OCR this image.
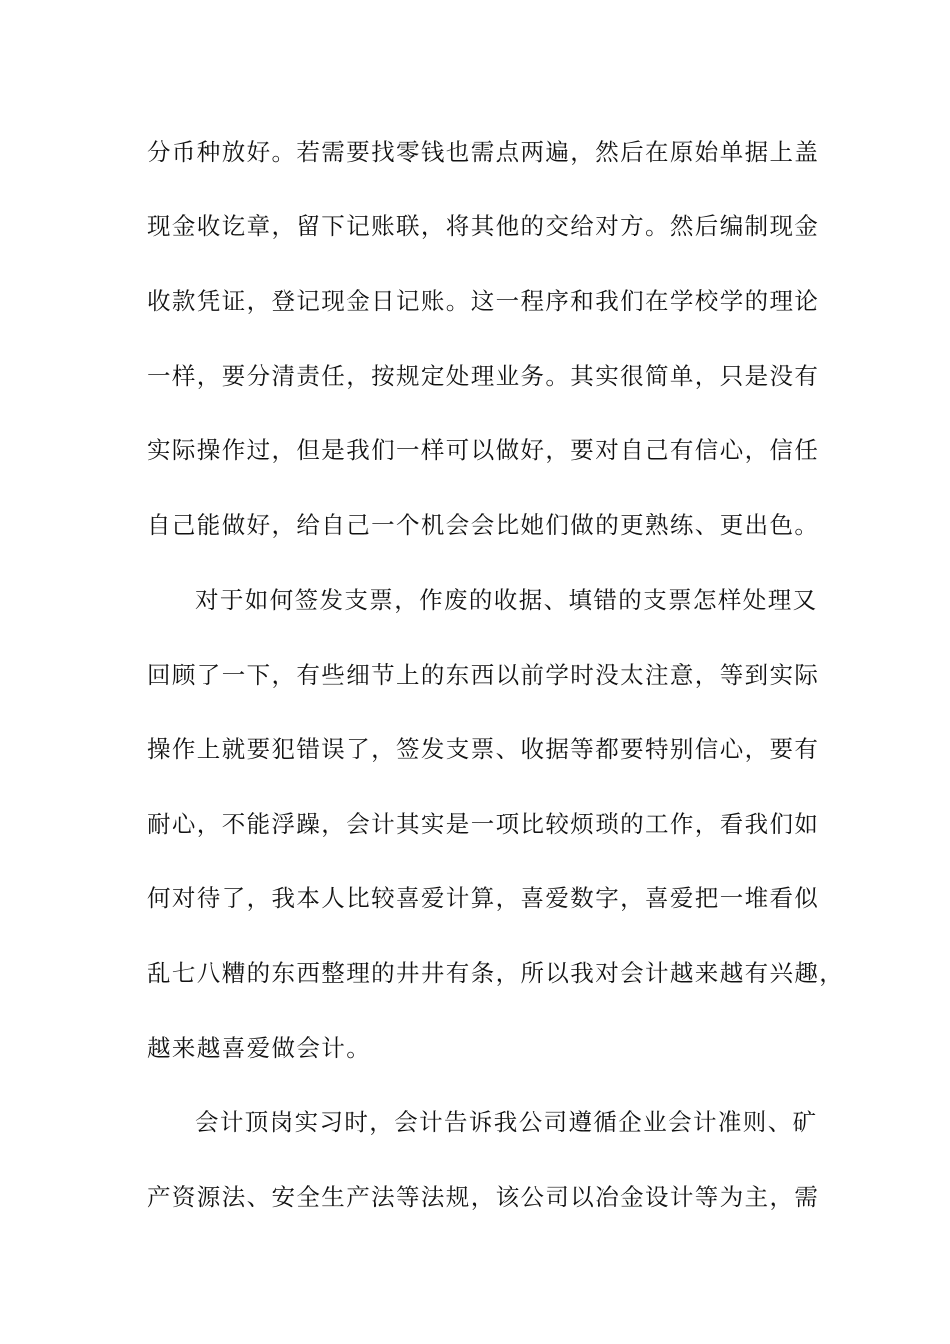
分币种放好。若需要找零钱也需点两遍，然后在原始单据上盖
现金收讫章，留下记账联，将其他的交给对方。然后编制现金
收款凭证，登记现金日记账。这一程序和我们在学校学的理论
一样，要分清责任，按规定处理业务。其实很简单，只是没有
实际操作过，但是我们一样可以做好，要对自己有信心，信任
自己能做好，给自己一个机会会比她们做的更熟练、更出色。
对于如何签发支票，作废的收据、填错的支票怎样处理又
回顾了一下，有些细节上的东西以前学时没太注意，等到实际
操作上就要犯错误了，签发支票、收据等都要特别信心，要有
耐心，不能浮躁，会计其实是一项比较烦琐的工作，看我们如
何对待了，我本人比较喜爱计算，喜爱数字，喜爱把一堆看似
乱七八糟的东西整理的井井有条，所以我对会计越来越有兴趣，
越来越喜爱做会计。
会计顶岗实习时，会计告诉我公司遵循企业会计准则、矿
产资源法、安全生产法等法规，该公司以冶金设计等为主，需
